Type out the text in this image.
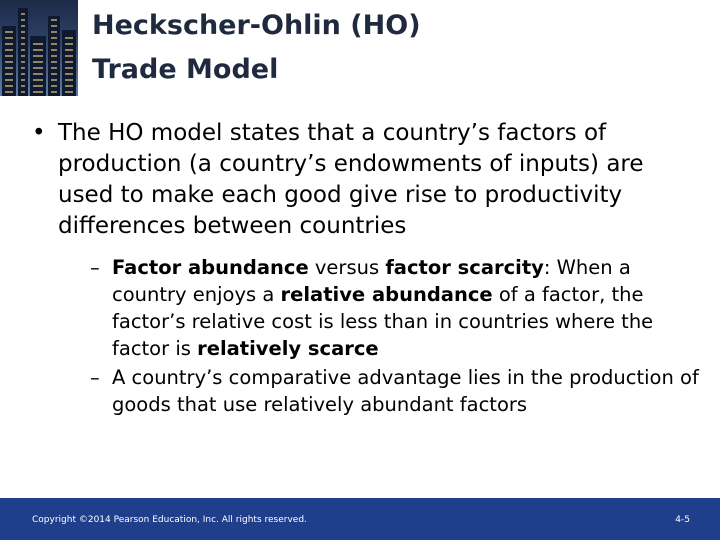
Heckscher-Ohlin (HO)
Trade Model
• The HO model states that a country’s factors of production (a country’s endowments of inputs) are used to make each good give rise to productivity differences between countries
– Factor abundance versus factor scarcity: When a country enjoys a relative abundance of a factor, the factor’s relative cost is less than in countries where the factor is relatively scarce
– A country’s comparative advantage lies in the production of goods that use relatively abundant factors
Copyright ©2014 Pearson Education, Inc. All rights reserved.	4-5
